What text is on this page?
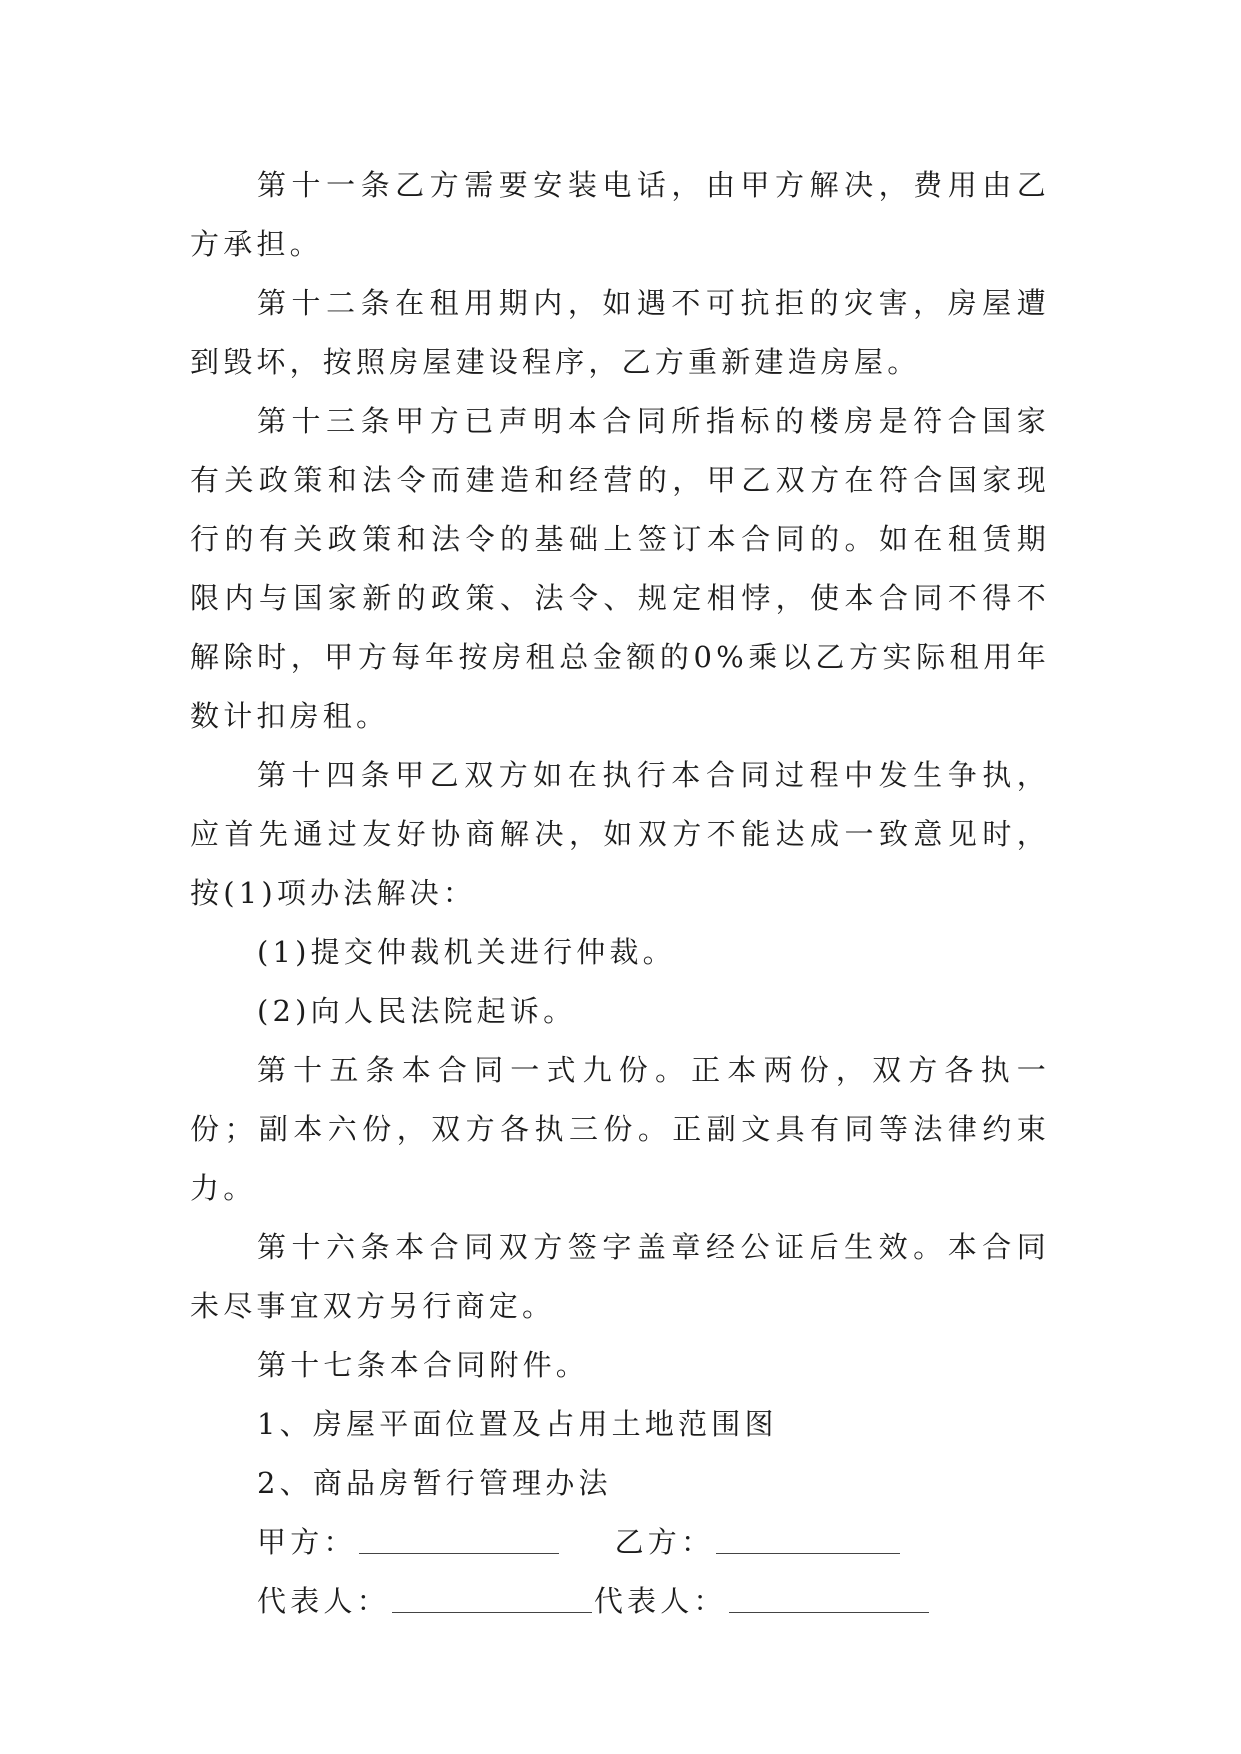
第十一条乙方需要安装电话，由甲方解决，费用由乙方承担。

第十二条在租用期内，如遇不可抗拒的灾害，房屋遭到毁坏，按照房屋建设程序，乙方重新建造房屋。

第十三条甲方已声明本合同所指标的楼房是符合国家有关政策和法令而建造和经营的，甲乙双方在符合国家现行的有关政策和法令的基础上签订本合同的。如在租赁期限内与国家新的政策、法令、规定相悖，使本合同不得不解除时，甲方每年按房租总金额的0%乘以乙方实际租用年数计扣房租。

第十四条甲乙双方如在执行本合同过程中发生争执，应首先通过友好协商解决，如双方不能达成一致意见时，按(1)项办法解决：

(1)提交仲裁机关进行仲裁。

(2)向人民法院起诉。

第十五条本合同一式九份。正本两份，双方各执一份；副本六份，双方各执三份。正副文具有同等法律约束力。

第十六条本合同双方签字盖章经公证后生效。本合同未尽事宜双方另行商定。

第十七条本合同附件。

1、房屋平面位置及占用土地范围图

2、商品房暂行管理办法

甲方：	乙方：
代表人：	代表人：
